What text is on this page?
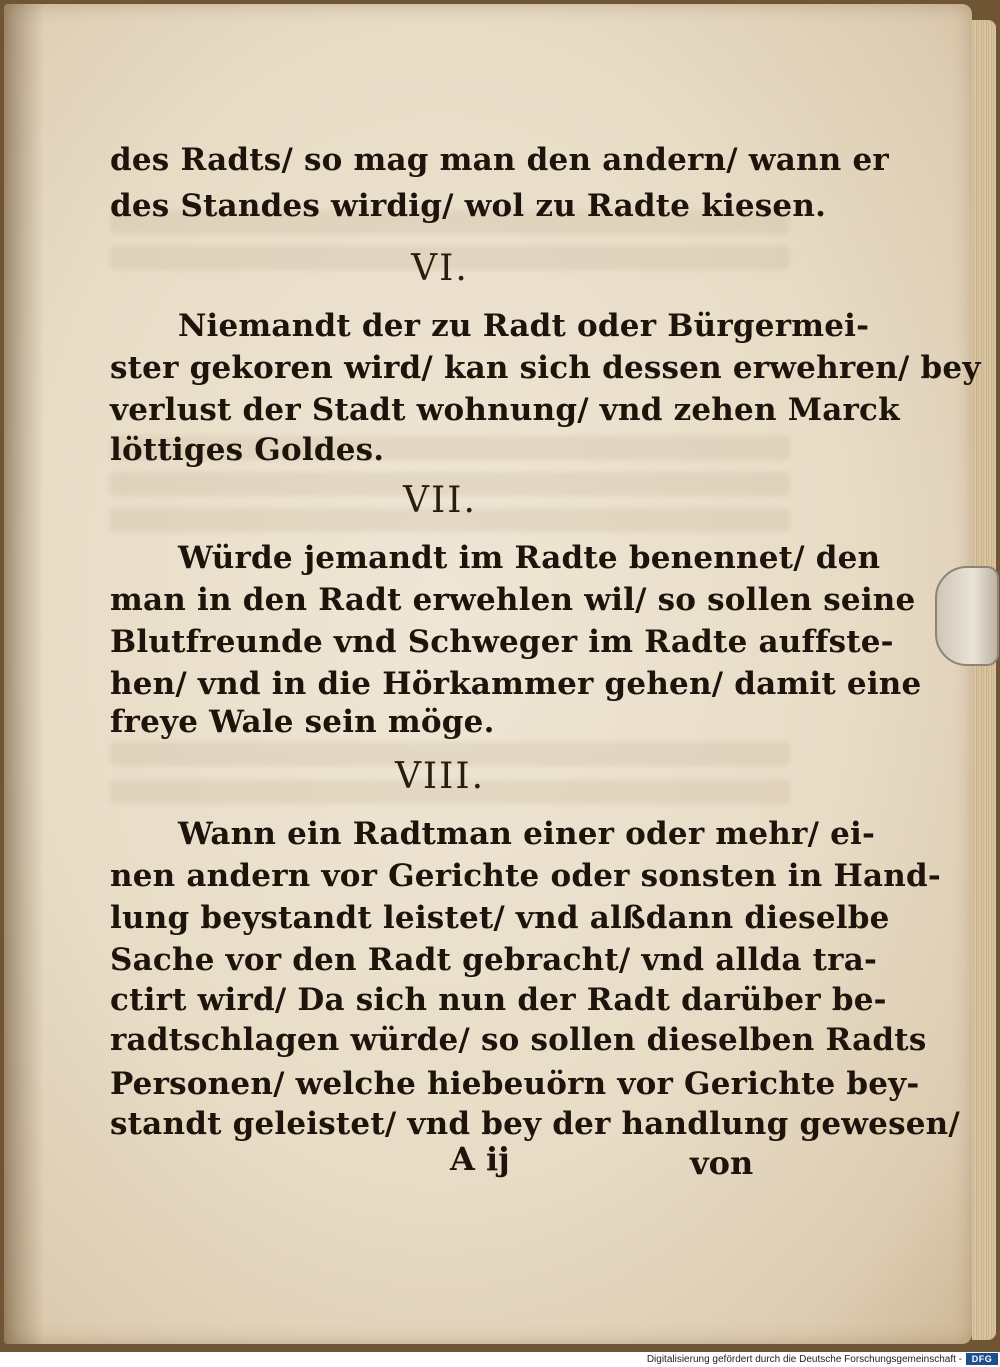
des Radts/ so mag man den andern/ wann er
des Standes wirdig/ wol zu Radte kiesen.
VI.
Niemandt der zu Radt oder Bürgermei-
ster gekoren wird/ kan sich dessen erwehren/ bey
verlust der Stadt wohnung/ vnd zehen Marck
löttiges Goldes.
VII.
Würde jemandt im Radte benennet/ den
man in den Radt erwehlen wil/ so sollen seine
Blutfreunde vnd Schweger im Radte auffste-
hen/ vnd in die Hörkammer gehen/ damit eine
freye Wale sein möge.
VIII.
Wann ein Radtman einer oder mehr/ ei-
nen andern vor Gerichte oder sonsten in Hand-
lung beystandt leistet/ vnd alßdann dieselbe
Sache vor den Radt gebracht/ vnd allda tra-
ctirt wird/ Da sich nun der Radt darüber be-
radtschlagen würde/ so sollen dieselben Radts
Personen/ welche hiebeuörn vor Gerichte bey-
standt geleistet/ vnd bey der handlung gewesen/
A ij	von
Digitalisierung gefördert durch die Deutsche Forschungsgemeinschaft -	DFG
